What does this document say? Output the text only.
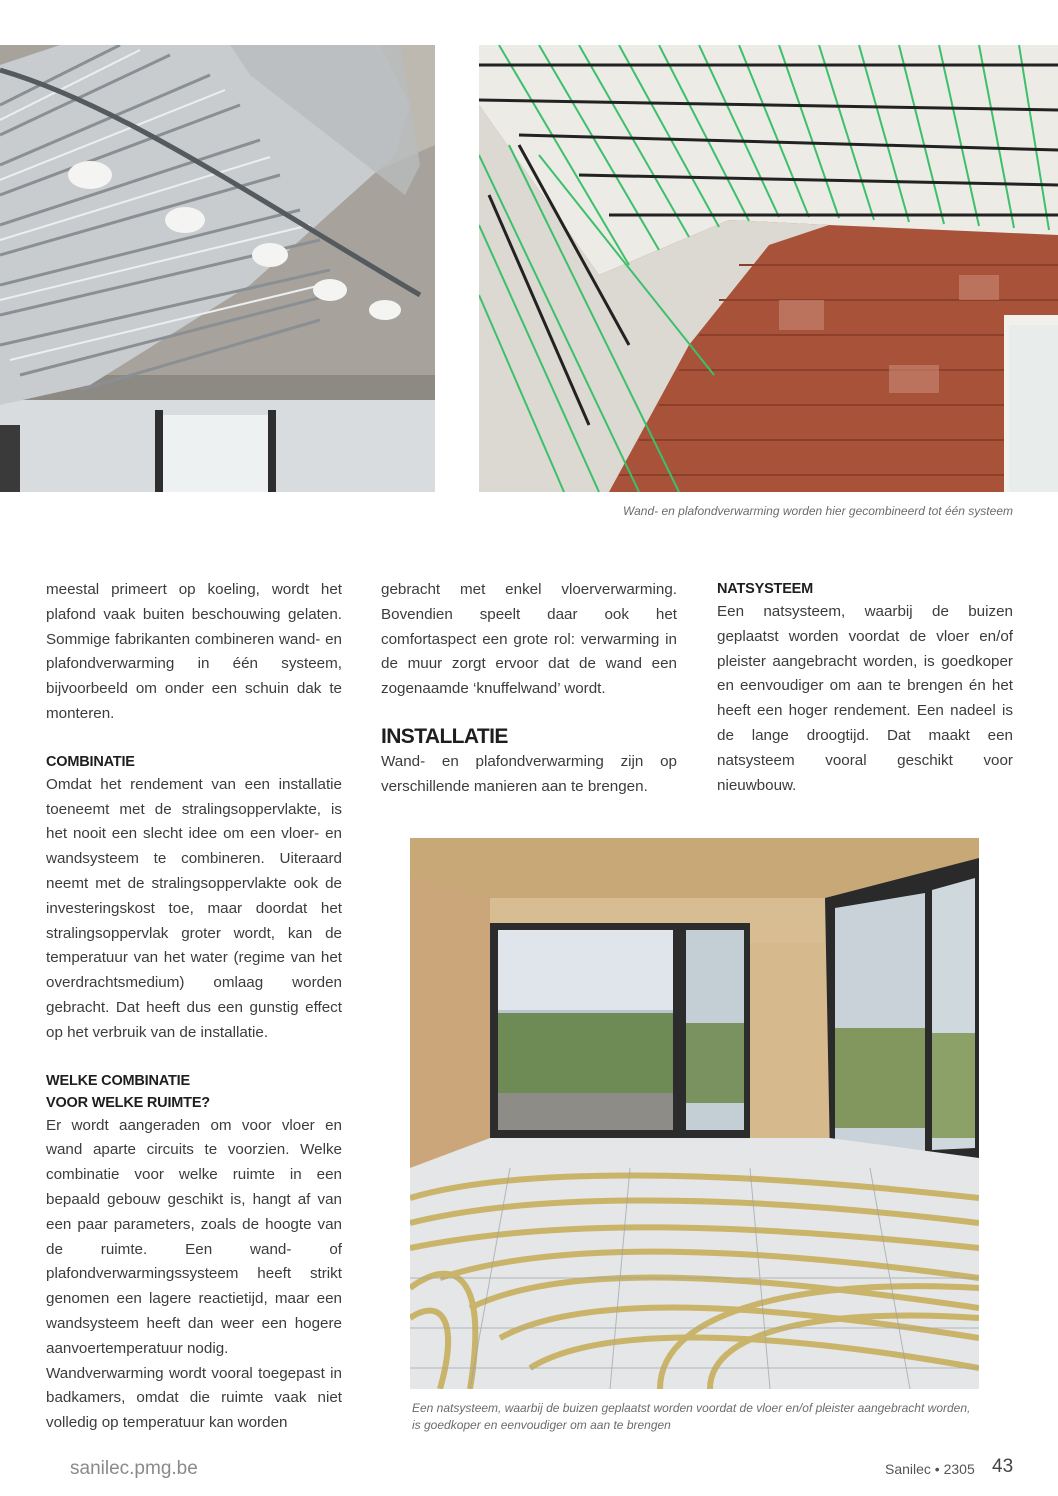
Wand- en plafondverwarming worden hier gecombineerd tot één systeem

meestal primeert op koeling, wordt het plafond vaak buiten beschouwing gelaten. Sommige fabrikanten combineren wand- en plafondverwarming in één systeem, bijvoorbeeld om onder een schuin dak te monteren.

COMBINATIE

Omdat het rendement van een installatie toeneemt met de stralingsoppervlakte, is het nooit een slecht idee om een vloer- en wandsysteem te combineren. Uiteraard neemt met de stralingsoppervlakte ook de investeringskost toe, maar doordat het stralingsoppervlak groter wordt, kan de temperatuur van het water (regime van het overdrachtsmedium) omlaag worden gebracht. Dat heeft dus een gunstig effect op het verbruik van de installatie.

WELKE COMBINATIE
VOOR WELKE RUIMTE?

Er wordt aangeraden om voor vloer en wand aparte circuits te voorzien. Welke combinatie voor welke ruimte in een bepaald gebouw geschikt is, hangt af van een paar parameters, zoals de hoogte van de ruimte. Een wand- of plafondverwarmingssysteem heeft strikt genomen een lagere reactietijd, maar een wandsysteem heeft dan weer een hogere aanvoertemperatuur nodig.

Wandverwarming wordt vooral toegepast in badkamers, omdat die ruimte vaak niet volledig op temperatuur kan worden

gebracht met enkel vloerverwarming. Bovendien speelt daar ook het comfortaspect een grote rol: verwarming in de muur zorgt ervoor dat de wand een zogenaamde ‘knuffelwand’ wordt.

INSTALLATIE

Wand- en plafondverwarming zijn op verschillende manieren aan te brengen.

NATSYSTEEM

Een natsysteem, waarbij de buizen geplaatst worden voordat de vloer en/of pleister aangebracht worden, is goedkoper en eenvoudiger om aan te brengen én het heeft een hoger rendement. Een nadeel is de lange droogtijd. Dat maakt een natsysteem vooral geschikt voor nieuwbouw.

Een natsysteem, waarbij de buizen geplaatst worden voordat de vloer en/of pleister aangebracht worden, is goedkoper en eenvoudiger om aan te brengen
sanilec.pmg.be	Sanilec • 2305 43
